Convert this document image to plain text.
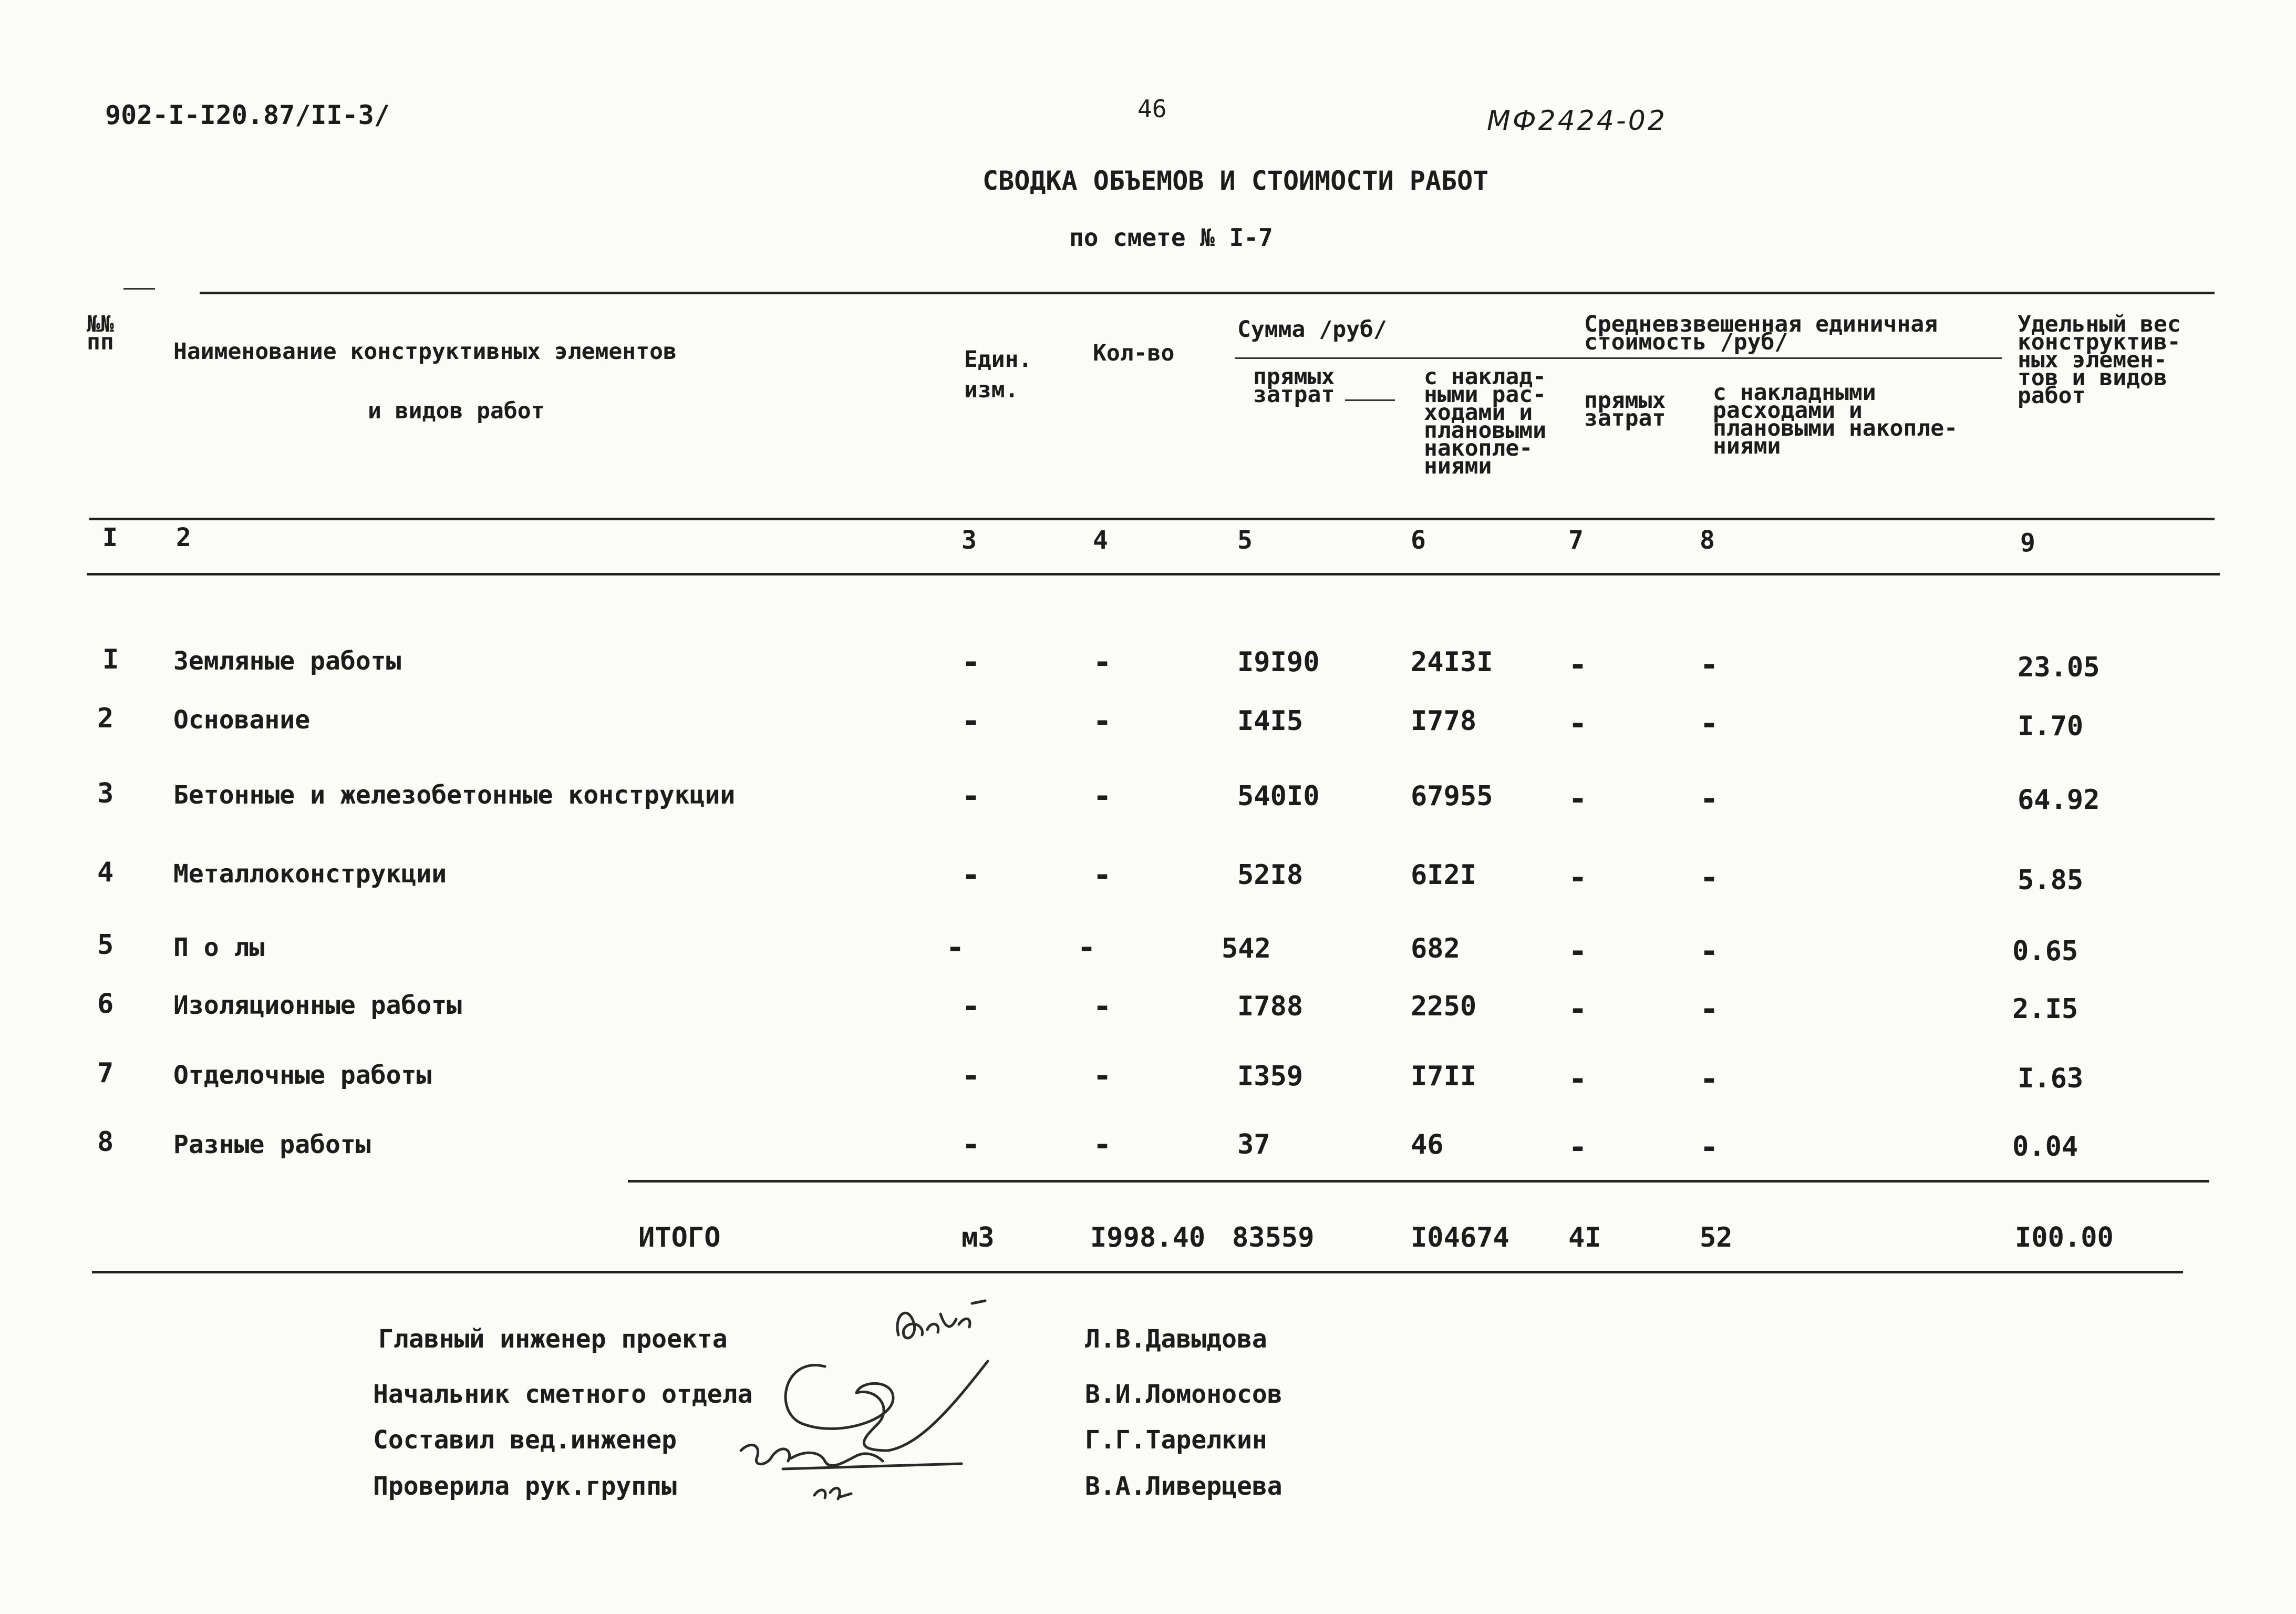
902-I-I20.87/II-3/	46	МФ2424-02
СВОДКА ОБЪЕМОВ И СТОИМОСТИ РАБОТ
по смете № I-7
№№
пп	Наименование конструктивных элементов
и видов работ
Един.
изм.
Кол-во
Сумма /руб/
прямых
затрат
с наклад-
ными рас-
ходами и
плановыми
накопле-
ниями
Средневзвешенная единичная
стоимость /руб/
прямых
затрат
с накладными
расходами и
плановыми накопле-
ниями
Удельный вес
конструктив-
ных элемен-
тов и видов
работ
I 2	3	4	5	6	7	8	9
I Земляные работы	-	-	I9I90	24I3I -	-	23.05
2 Основание	-	-	I4I5	I778	-	-	I.70
3 Бетонные и железобетонные конструкции	-	-	540I0	67955 -	-	64.92
4 Металлоконструкции	-	-	52I8	6I2I	-	-	5.85
5 П о лы	-	-	542	682	-	-	0.65
6 Изоляционные работы	-	-	I788	2250	-	-	2.I5
7 Отделочные работы	-	-	I359	I7II	-	-	I.63
8 Разные работы	-	-	37	46	-	-	0.04
ИТОГО	м3	I998.40 83559	I04674 4I	52	I00.00
Главный инженер проекта	Л.В.Давыдова
Начальник сметного отдела	В.И.Ломоносов
Составил вед.инженер	Г.Г.Тарелкин
Проверила рук.группы	В.А.Ливерцева
